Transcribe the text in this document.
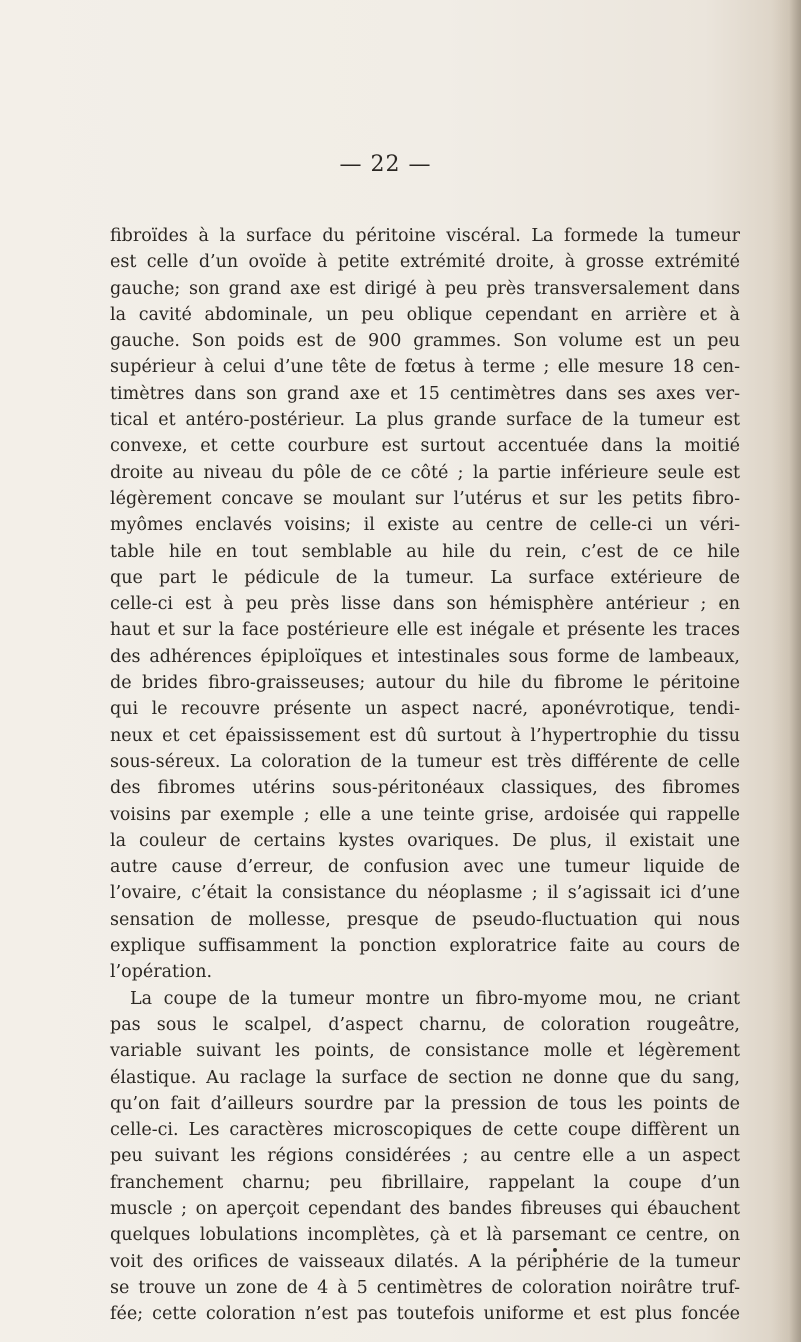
— 22 —
fibroïdes à la surface du péritoine viscéral. La formede la tumeur
est celle d’un ovoïde à petite extrémité droite, à grosse extrémité
gauche; son grand axe est dirigé à peu près transversalement dans
la cavité abdominale, un peu oblique cependant en arrière et à
gauche. Son poids est de 900 grammes. Son volume est un peu
supérieur à celui d’une tête de fœtus à terme ; elle mesure 18 cen-
timètres dans son grand axe et 15 centimètres dans ses axes ver-
tical et antéro-postérieur. La plus grande surface de la tumeur est
convexe, et cette courbure est surtout accentuée dans la moitié
droite au niveau du pôle de ce côté ; la partie inférieure seule est
légèrement concave se moulant sur l’utérus et sur les petits fibro-
myômes enclavés voisins; il existe au centre de celle-ci un véri-
table hile en tout semblable au hile du rein, c’est de ce hile
que part le pédicule de la tumeur. La surface extérieure de
celle-ci est à peu près lisse dans son hémisphère antérieur ; en
haut et sur la face postérieure elle est inégale et présente les traces
des adhérences épiploïques et intestinales sous forme de lambeaux,
de brides fibro-graisseuses; autour du hile du fibrome le péritoine
qui le recouvre présente un aspect nacré, aponévrotique, tendi-
neux et cet épaississement est dû surtout à l’hypertrophie du tissu
sous-séreux. La coloration de la tumeur est très différente de celle
des fibromes utérins sous-péritonéaux classiques, des fibromes
voisins par exemple ; elle a une teinte grise, ardoisée qui rappelle
la couleur de certains kystes ovariques. De plus, il existait une
autre cause d’erreur, de confusion avec une tumeur liquide de
l’ovaire, c’était la consistance du néoplasme ; il s’agissait ici d’une
sensation de mollesse, presque de pseudo-fluctuation qui nous
explique suffisamment la ponction exploratrice faite au cours de
l’opération.
La coupe de la tumeur montre un fibro-myome mou, ne criant
pas sous le scalpel, d’aspect charnu, de coloration rougeâtre,
variable suivant les points, de consistance molle et légèrement
élastique. Au raclage la surface de section ne donne que du sang,
qu’on fait d’ailleurs sourdre par la pression de tous les points de
celle-ci. Les caractères microscopiques de cette coupe diffèrent un
peu suivant les régions considérées ; au centre elle a un aspect
franchement charnu; peu fibrillaire, rappelant la coupe d’un
muscle ; on aperçoit cependant des bandes fibreuses qui ébauchent
quelques lobulations incomplètes, çà et là parsemant ce centre, on
voit des orifices de vaisseaux dilatés. A la périphérie de la tumeur
se trouve un zone de 4 à 5 centimètres de coloration noirâtre truf-
fée; cette coloration n’est pas toutefois uniforme et est plus foncée
